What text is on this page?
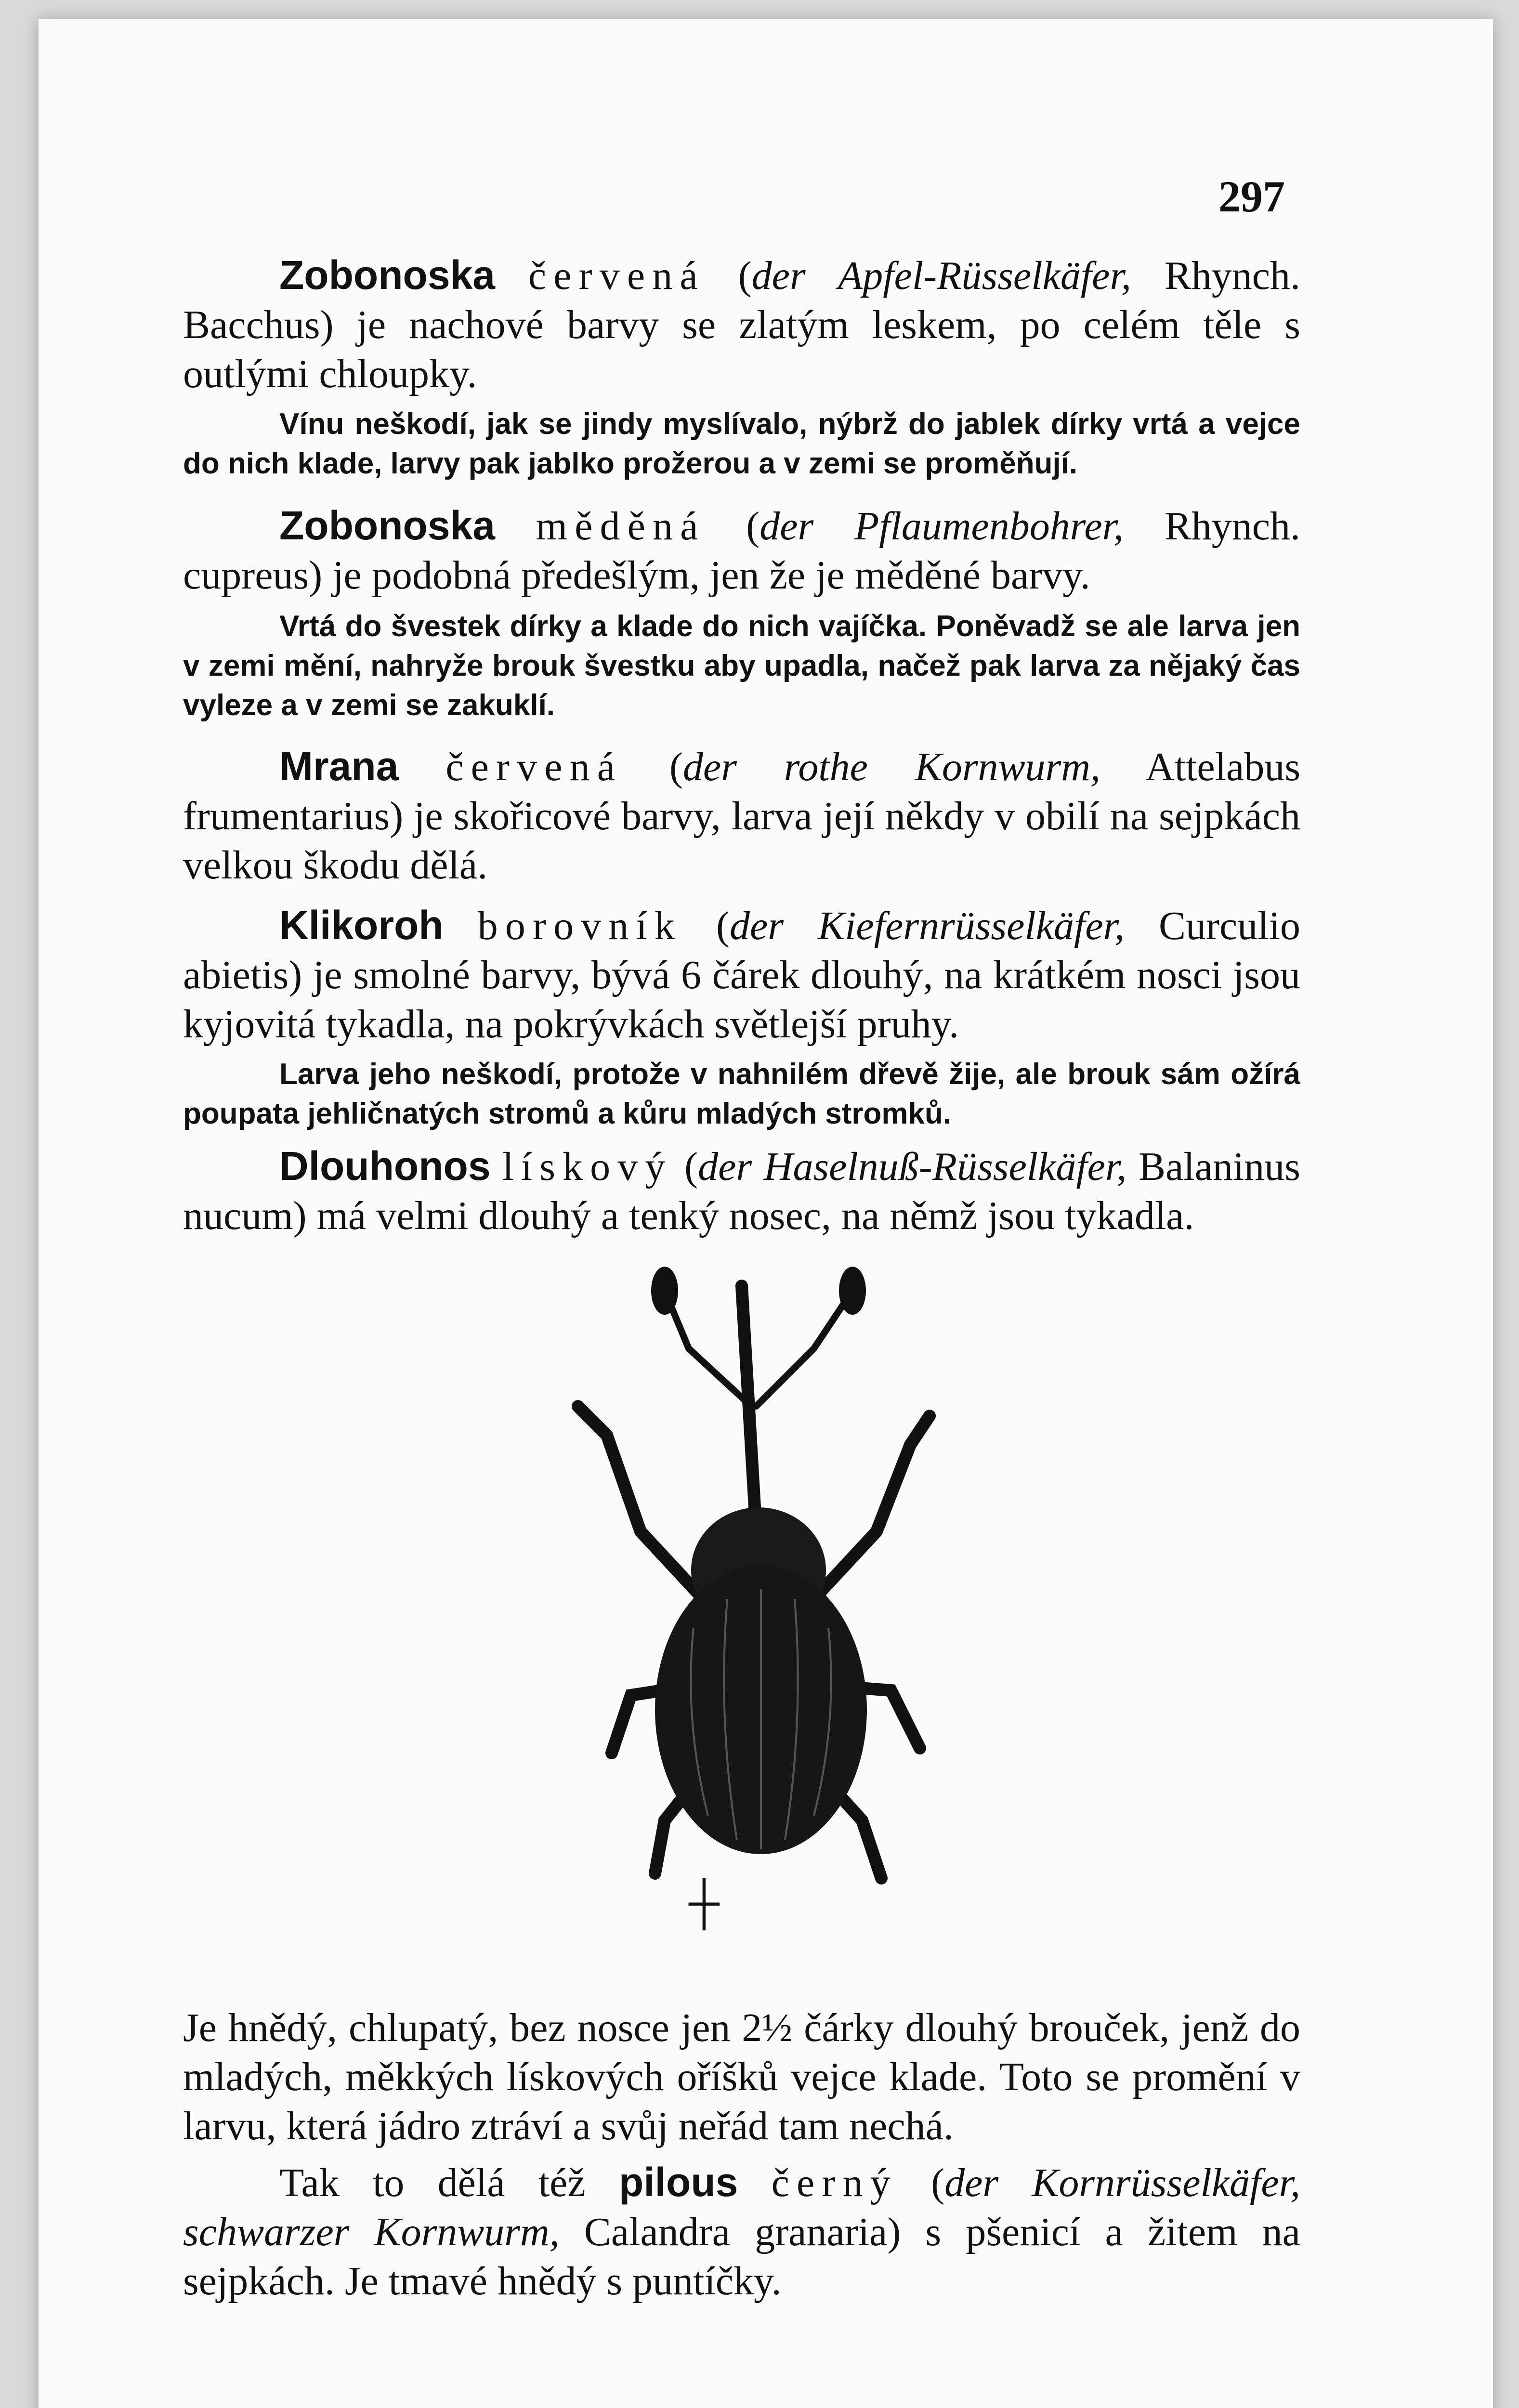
297

Zobonoska červená (der Apfel-Rüsselkäfer, Rhynch. Bacchus) je nachové barvy se zlatým leskem, po celém těle s outlými chloupky.

Vínu neškodí, jak se jindy myslívalo, nýbrž do jablek dírky vrtá a vejce do nich klade, larvy pak jablko prožerou a v zemi se proměňují.

Zobonoska měděná (der Pflaumenbohrer, Rhynch. cupreus) je podobná předešlým, jen že je měděné barvy.

Vrtá do švestek dírky a klade do nich vajíčka. Poněvadž se ale larva jen v zemi mění, nahryže brouk švestku aby upadla, načež pak larva za nějaký čas vyleze a v zemi se zakuklí.

Mrana červená (der rothe Kornwurm, Attelabus frumentarius) je skořicové barvy, larva její někdy v obilí na sejpkách velkou škodu dělá.

Klikoroh borovník (der Kiefernrüsselkäfer, Curculio abietis) je smolné barvy, bývá 6 čárek dlouhý, na krátkém nosci jsou kyjovitá tykadla, na pokrývkách světlejší pruhy.

Larva jeho neškodí, protože v nahnilém dřevě žije, ale brouk sám ožírá poupata jehličnatých stromů a kůru mladých stromků.

Dlouhonos lískový (der Haselnuß-Rüsselkäfer, Balaninus nucum) má velmi dlouhý a tenký nosec, na němž jsou tykadla.

┼

Je hnědý, chlupatý, bez nosce jen 2½ čárky dlouhý brouček, jenž do mladých, měkkých lískových oříšků vejce klade. Toto se promění v larvu, která jádro ztráví a svůj neřád tam nechá.

Tak to dělá též pilous černý (der Kornrüsselkäfer, schwarzer Kornwurm, Calandra granaria) s pšenicí a žitem na sejpkách. Je tmavé hnědý s puntíčky.
